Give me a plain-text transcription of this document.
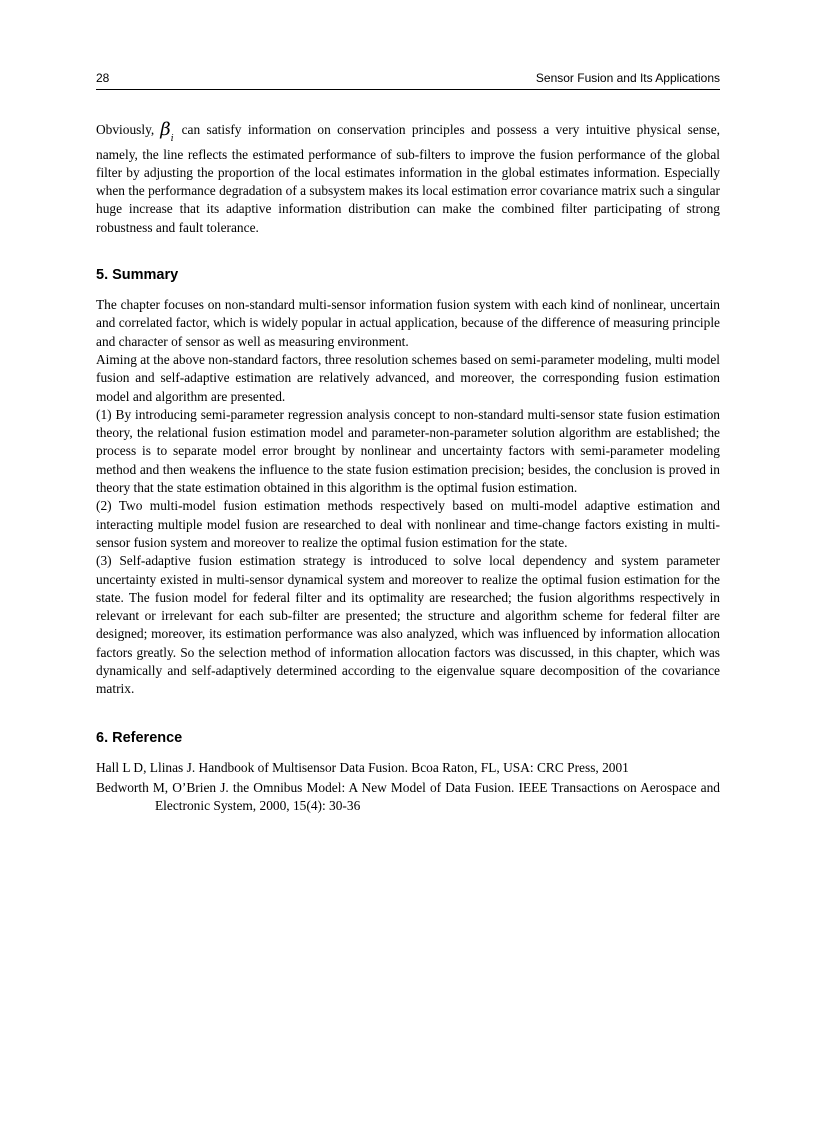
28	Sensor Fusion and Its Applications

Obviously, $\beta_ican$ satisfy information on conservation principles and possess a very intuitive physical sense, namely, the line reflects the estimated performance of sub-filters to improve the fusion performance of the global filter by adjusting the proportion of the local estimates information in the global estimates information. Especially when the performance degradation of a subsystem makes its local estimation error covariance matrix such a singular huge increase that its adaptive information distribution can make the combined filter participating of strong robustness and fault tolerance.

5. Summary

The chapter focuses on non-standard multi-sensor information fusion system with each kind of nonlinear, uncertain and correlated factor, which is widely popular in actual application, because of the difference of measuring principle and character of sensor as well as measuring environment.

Aiming at the above non-standard factors, three resolution schemes based on semi-parameter modeling, multi model fusion and self-adaptive estimation are relatively advanced, and moreover, the corresponding fusion estimation model and algorithm are presented.

(1) By introducing semi-parameter regression analysis concept to non-standard multi-sensor state fusion estimation theory, the relational fusion estimation model and parameter-non-parameter solution algorithm are established; the process is to separate model error brought by nonlinear and uncertainty factors with semi-parameter modeling method and then weakens the influence to the state fusion estimation precision; besides, the conclusion is proved in theory that the state estimation obtained in this algorithm is the optimal fusion estimation.

(2) Two multi-model fusion estimation methods respectively based on multi-model adaptive estimation and interacting multiple model fusion are researched to deal with nonlinear and time-change factors existing in multi-sensor fusion system and moreover to realize the optimal fusion estimation for the state.

(3) Self-adaptive fusion estimation strategy is introduced to solve local dependency and system parameter uncertainty existed in multi-sensor dynamical system and moreover to realize the optimal fusion estimation for the state. The fusion model for federal filter and its optimality are researched; the fusion algorithms respectively in relevant or irrelevant for each sub-filter are presented; the structure and algorithm scheme for federal filter are designed; moreover, its estimation performance was also analyzed, which was influenced by information allocation factors greatly. So the selection method of information allocation factors was discussed, in this chapter, which was dynamically and self-adaptively determined according to the eigenvalue square decomposition of the covariance matrix.

6. Reference

Hall L D, Llinas J. Handbook of Multisensor Data Fusion. Bcoa Raton, FL, USA: CRC Press, 2001

Bedworth M, O’Brien J. the Omnibus Model: A New Model of Data Fusion. IEEE Transactions on Aerospace and Electronic System, 2000, 15(4): 30-36
